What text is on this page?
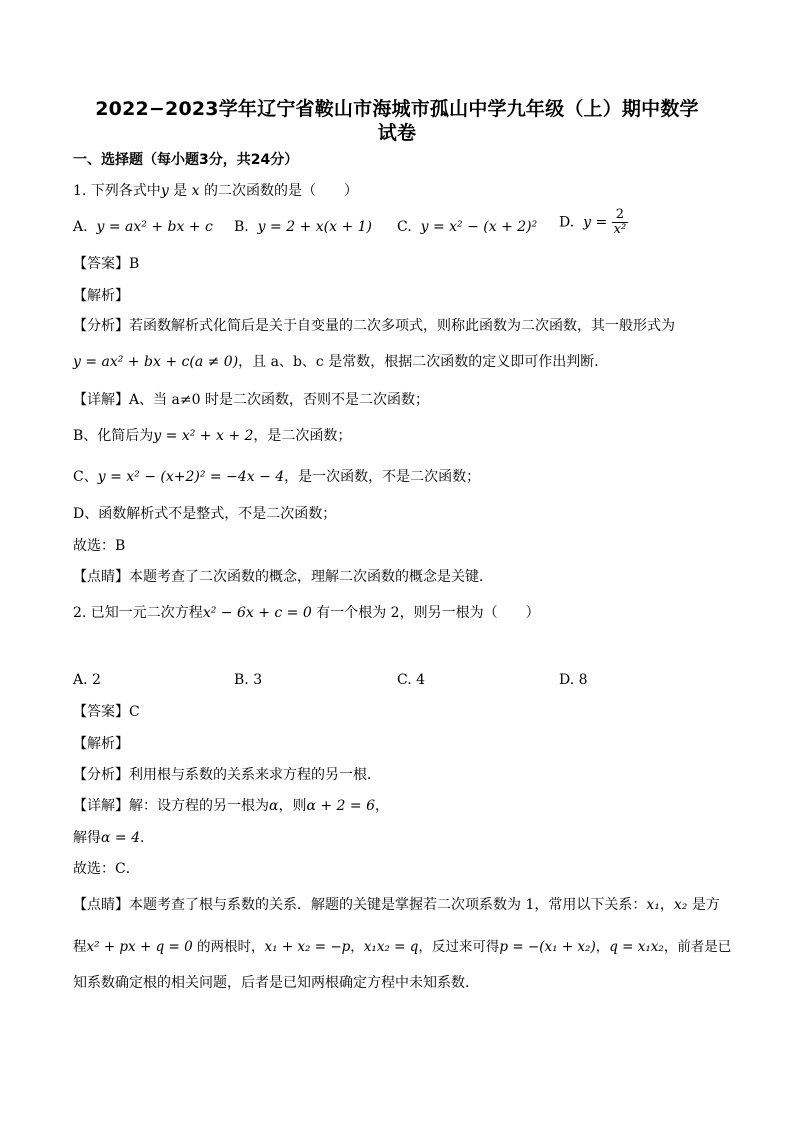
2022−2023学年辽宁省鞍山市海城市孤山中学九年级（上）期中数学
试卷
一、选择题（每小题3分，共24分）
1. 下列各式中y 是 x 的二次函数的是（　　）
A. y = ax² + bx + c B. y = 2 + x(x + 1) C. y = x² − (x + 2)² D. $y = \frac{2}{\text{x²}}$
【答案】B
【解析】
【分析】若函数解析式化简后是关于自变量的二次多项式，则称此函数为二次函数，其一般形式为
y = ax² + bx + c(a ≠ 0)，且 a、b、c 是常数，根据二次函数的定义即可作出判断．
【详解】A、当 a≠0 时是二次函数，否则不是二次函数；
B、化简后为y = x² + x + 2，是二次函数；
C、y = x² − (x+2)² = −4x − 4，是一次函数，不是二次函数；
D、函数解析式不是整式，不是二次函数；
故选：B
【点睛】本题考查了二次函数的概念，理解二次函数的概念是关键．
2. 已知一元二次方程x² − 6x + c = 0 有一个根为 2，则另一根为（　　）
A. 2	B. 3	C. 4	D. 8
【答案】C
【解析】
【分析】利用根与系数的关系来求方程的另一根．
【详解】解：设方程的另一根为α，则α + 2 = 6，
解得α = 4．
故选：C．
【点睛】本题考查了根与系数的关系．解题的关键是掌握若二次项系数为 1，常用以下关系：x₁，x₂ 是方
程x² + px + q = 0 的两根时，x₁ + x₂ = −p，x₁x₂ = q，反过来可得p = −(x₁ + x₂)，q = x₁x₂，前者是已
知系数确定根的相关问题，后者是已知两根确定方程中未知系数．
